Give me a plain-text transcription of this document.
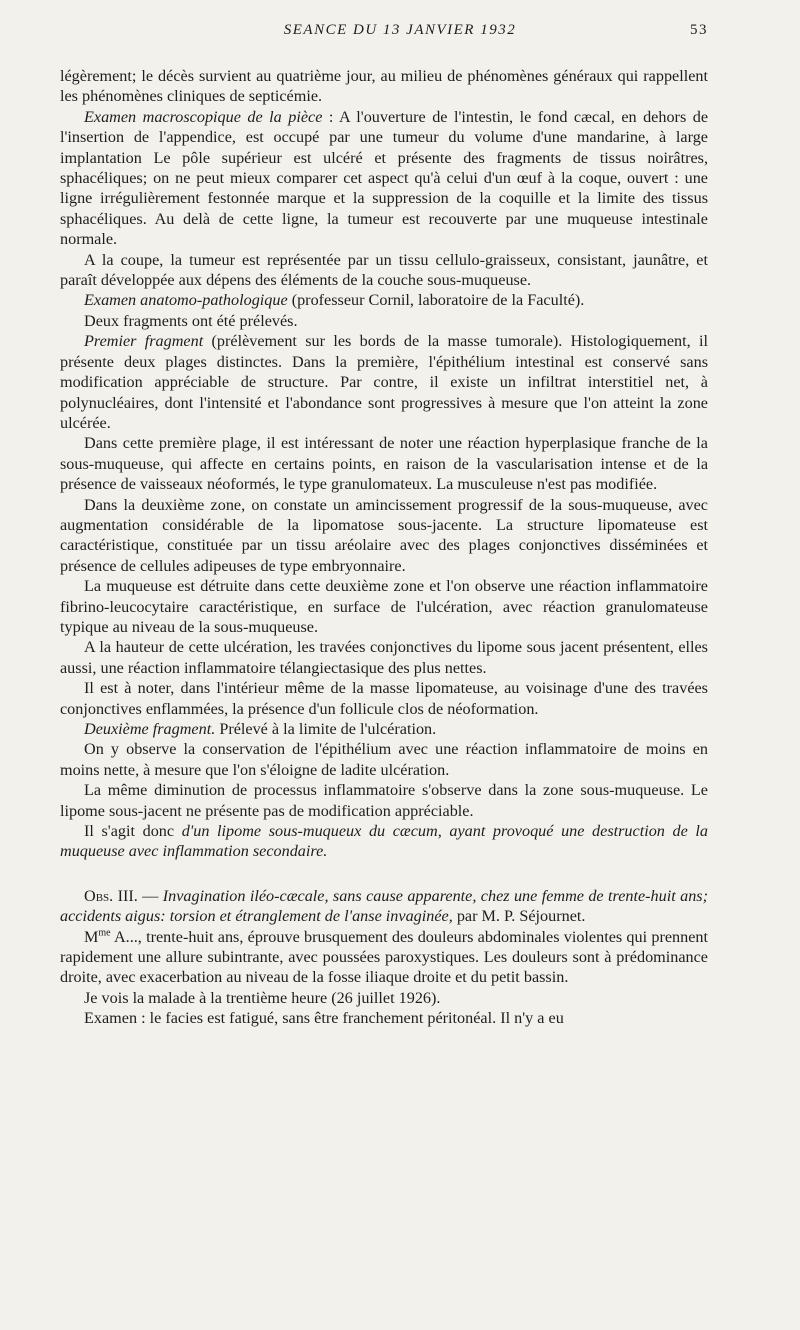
SEANCE DU 13 JANVIER 1932	53

légèrement; le décès survient au quatrième jour, au milieu de phénomènes généraux qui rappellent les phénomènes cliniques de septicémie.

Examen macroscopique de la pièce : A l'ouverture de l'intestin, le fond cæcal, en dehors de l'insertion de l'appendice, est occupé par une tumeur du volume d'une mandarine, à large implantation Le pôle supérieur est ulcéré et présente des fragments de tissus noirâtres, sphacéliques; on ne peut mieux comparer cet aspect qu'à celui d'un œuf à la coque, ouvert : une ligne irrégulièrement festonnée marque et la suppression de la coquille et la limite des tissus sphacéliques. Au delà de cette ligne, la tumeur est recouverte par une muqueuse intestinale normale.

A la coupe, la tumeur est représentée par un tissu cellulo-graisseux, consistant, jaunâtre, et paraît développée aux dépens des éléments de la couche sous-muqueuse.

Examen anatomo-pathologique (professeur Cornil, laboratoire de la Faculté).

Deux fragments ont été prélevés.

Premier fragment (prélèvement sur les bords de la masse tumorale). Histologiquement, il présente deux plages distinctes. Dans la première, l'épithélium intestinal est conservé sans modification appréciable de structure. Par contre, il existe un infiltrat interstitiel net, à polynucléaires, dont l'intensité et l'abondance sont progressives à mesure que l'on atteint la zone ulcérée.

Dans cette première plage, il est intéressant de noter une réaction hyperplasique franche de la sous-muqueuse, qui affecte en certains points, en raison de la vascularisation intense et de la présence de vaisseaux néoformés, le type granulomateux. La musculeuse n'est pas modifiée.

Dans la deuxième zone, on constate un amincissement progressif de la sous-muqueuse, avec augmentation considérable de la lipomatose sous-jacente. La structure lipomateuse est caractéristique, constituée par un tissu aréolaire avec des plages conjonctives disséminées et présence de cellules adipeuses de type embryonnaire.

La muqueuse est détruite dans cette deuxième zone et l'on observe une réaction inflammatoire fibrino-leucocytaire caractéristique, en surface de l'ulcération, avec réaction granulomateuse typique au niveau de la sous-muqueuse.

A la hauteur de cette ulcération, les travées conjonctives du lipome sous jacent présentent, elles aussi, une réaction inflammatoire télangiectasique des plus nettes.

Il est à noter, dans l'intérieur même de la masse lipomateuse, au voisinage d'une des travées conjonctives enflammées, la présence d'un follicule clos de néoformation.

Deuxième fragment. Prélevé à la limite de l'ulcération.

On y observe la conservation de l'épithélium avec une réaction inflammatoire de moins en moins nette, à mesure que l'on s'éloigne de ladite ulcération.

La même diminution de processus inflammatoire s'observe dans la zone sous-muqueuse. Le lipome sous-jacent ne présente pas de modification appréciable.

Il s'agit donc d'un lipome sous-muqueux du cæcum, ayant provoqué une destruction de la muqueuse avec inflammation secondaire.

Obs. III. — Invagination iléo-cæcale, sans cause apparente, chez une femme de trente-huit ans; accidents aigus: torsion et étranglement de l'anse invaginée, par M. P. Séjournet.

$M^{me}$ A..., trente-huit ans, éprouve brusquement des douleurs abdominales violentes qui prennent rapidement une allure subintrante, avec poussées paroxystiques. Les douleurs sont à prédominance droite, avec exacerbation au niveau de la fosse iliaque droite et du petit bassin.

Je vois la malade à la trentième heure (26 juillet 1926).

Examen : le facies est fatigué, sans être franchement péritonéal. Il n'y a eu
